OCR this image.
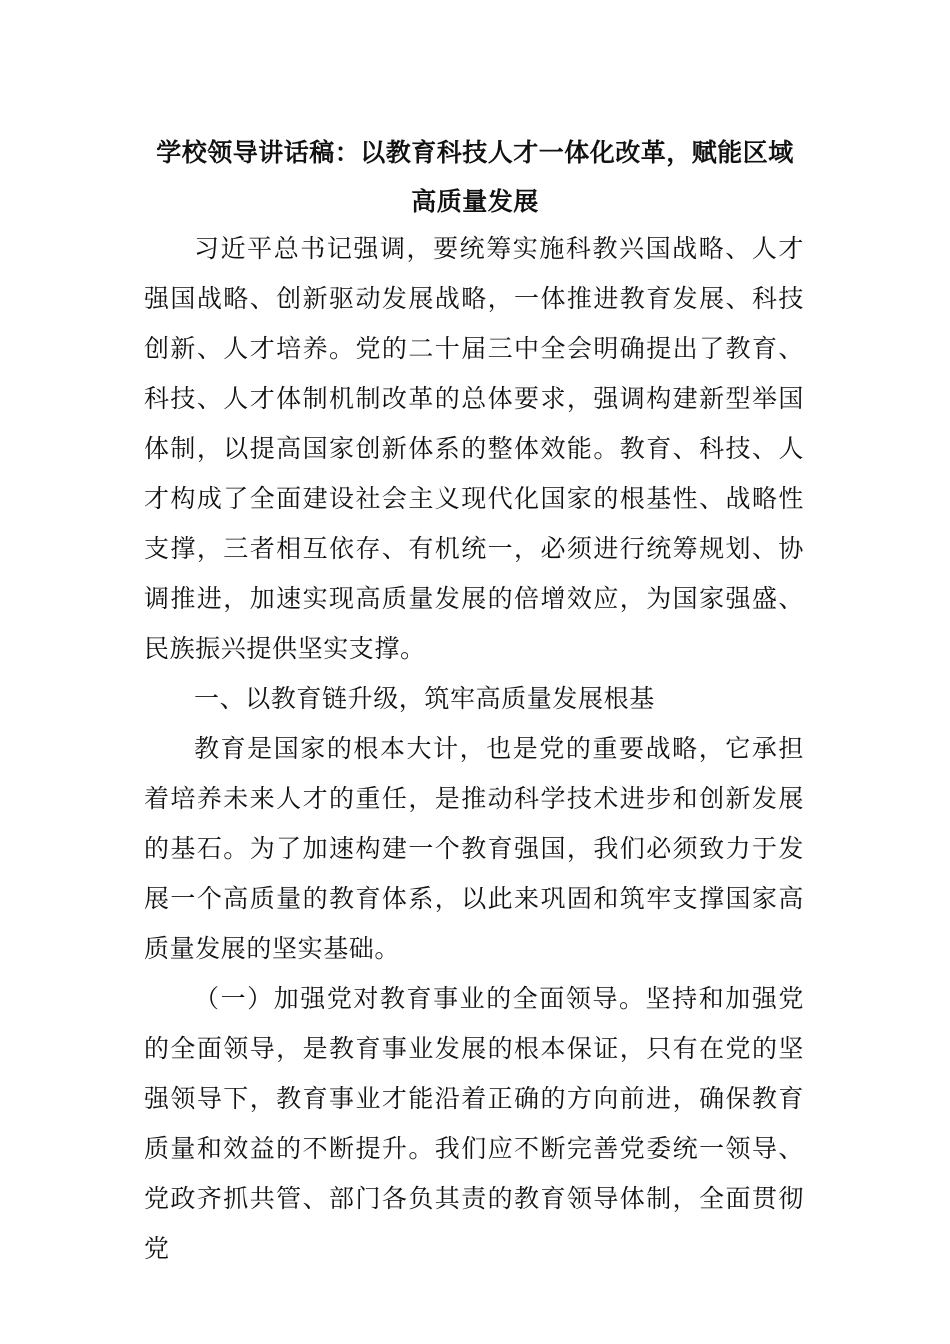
学校领导讲话稿：以教育科技人才一体化改革，赋能区域
高质量发展

习近平总书记强调，要统筹实施科教兴国战略、人才强国战略、创新驱动发展战略，一体推进教育发展、科技创新、人才培养。党的二十届三中全会明确提出了教育、科技、人才体制机制改革的总体要求，强调构建新型举国体制，以提高国家创新体系的整体效能。教育、科技、人才构成了全面建设社会主义现代化国家的根基性、战略性支撑，三者相互依存、有机统一，必须进行统筹规划、协调推进，加速实现高质量发展的倍增效应，为国家强盛、民族振兴提供坚实支撑。

一、以教育链升级，筑牢高质量发展根基

教育是国家的根本大计，也是党的重要战略，它承担着培养未来人才的重任，是推动科学技术进步和创新发展的基石。为了加速构建一个教育强国，我们必须致力于发展一个高质量的教育体系，以此来巩固和筑牢支撑国家高质量发展的坚实基础。

（一）加强党对教育事业的全面领导。坚持和加强党的全面领导，是教育事业发展的根本保证，只有在党的坚强领导下，教育事业才能沿着正确的方向前进，确保教育质量和效益的不断提升。我们应不断完善党委统一领导、党政齐抓共管、部门各负其责的教育领导体制，全面贯彻党
